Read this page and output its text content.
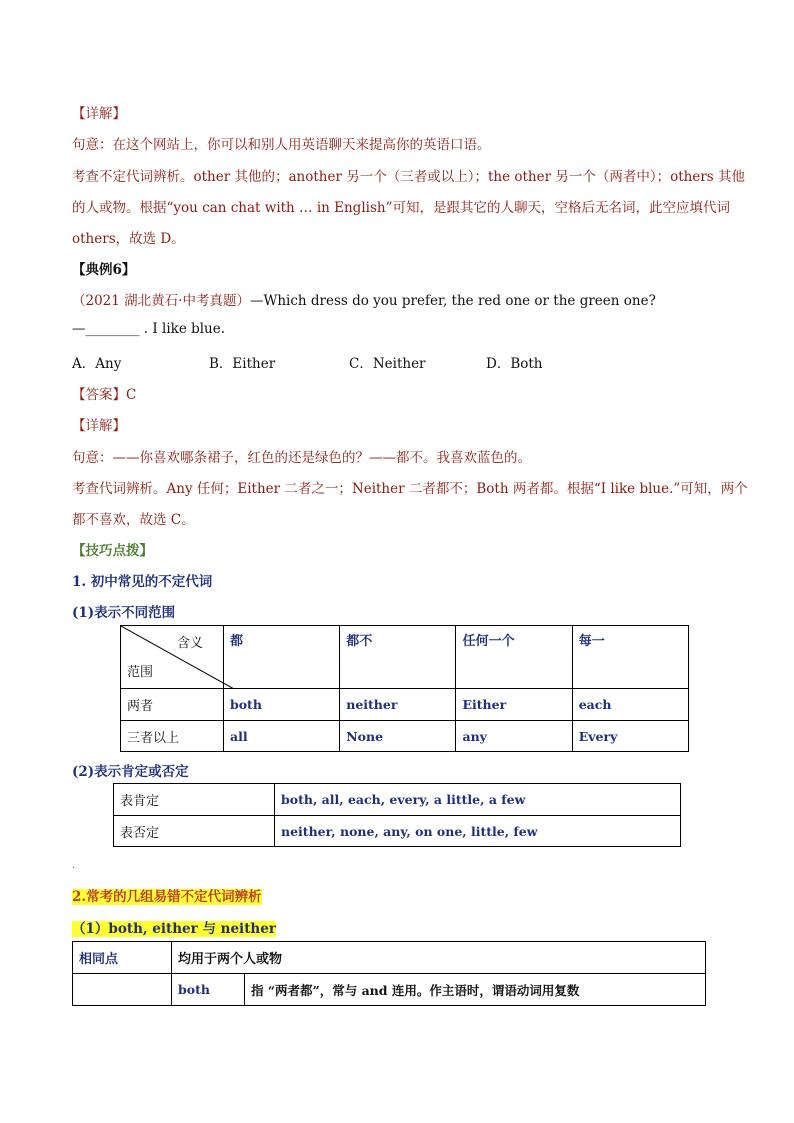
【详解】
句意：在这个网站上，你可以和别人用英语聊天来提高你的英语口语。
考查不定代词辨析。other 其他的；another 另一个（三者或以上）；the other 另一个（两者中）；others 其他
的人或物。根据“you can chat with … in English”可知，是跟其它的人聊天，空格后无名词，此空应填代词
others，故选 D。
【典例6】
（2021 湖北黄石·中考真题）—Which dress do you prefer, the red one or the green one?
—________ . I like blue.
A．Any	B．Either	C．Neither	D．Both
【答案】C
【详解】
句意：——你喜欢哪条裙子，红色的还是绿色的？——都不。我喜欢蓝色的。
考查代词辨析。Any 任何；Either 二者之一；Neither 二者都不；Both 两者都。根据“I like blue.”可知，两个
都不喜欢，故选 C。
【技巧点拨】
1. 初中常见的不定代词
(1)表示不同范围
含义
范围	都	都不	任何一个	每一
两者	both	neither	Either	each
三者以上	all	None	any	Every
(2)表示肯定或否定
表肯定	both, all, each, every, a little, a few
表否定	neither, none, any, on one, little, few
.
2.常考的几组易错不定代词辨析
（1）both, either 与 neither
相同点	均用于两个人或物	
	both	指 “两者都”，常与 and 连用。作主语时，谓语动词用复数
